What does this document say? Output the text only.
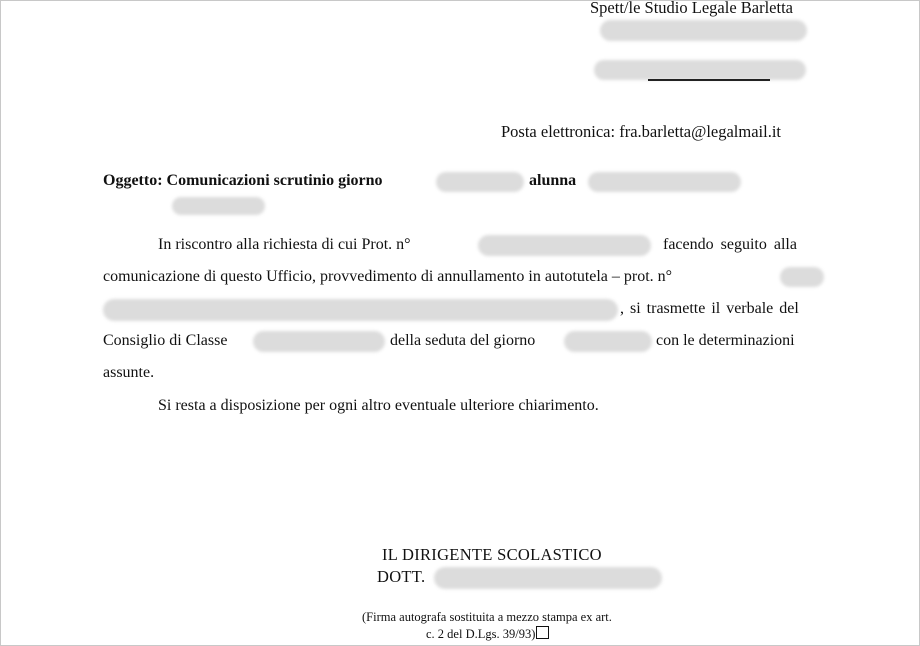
Spett/le Studio Legale Barletta
Posta elettronica: fra.barletta@legalmail.it
Oggetto: Comunicazioni scrutinio giorno	alunna
In riscontro alla richiesta di cui Prot. n°	facendo seguito alla
comunicazione di questo Ufficio, provvedimento di annullamento in autotutela – prot. n°
, si trasmette il verbale del
Consiglio di Classe	della seduta del giorno	con le determinazioni
assunte.
Si resta a disposizione per ogni altro eventuale ulteriore chiarimento.
IL DIRIGENTE SCOLASTICO
DOTT.
(Firma autografa sostituita a mezzo stampa ex art.
c. 2 del D.Lgs. 39/93)
